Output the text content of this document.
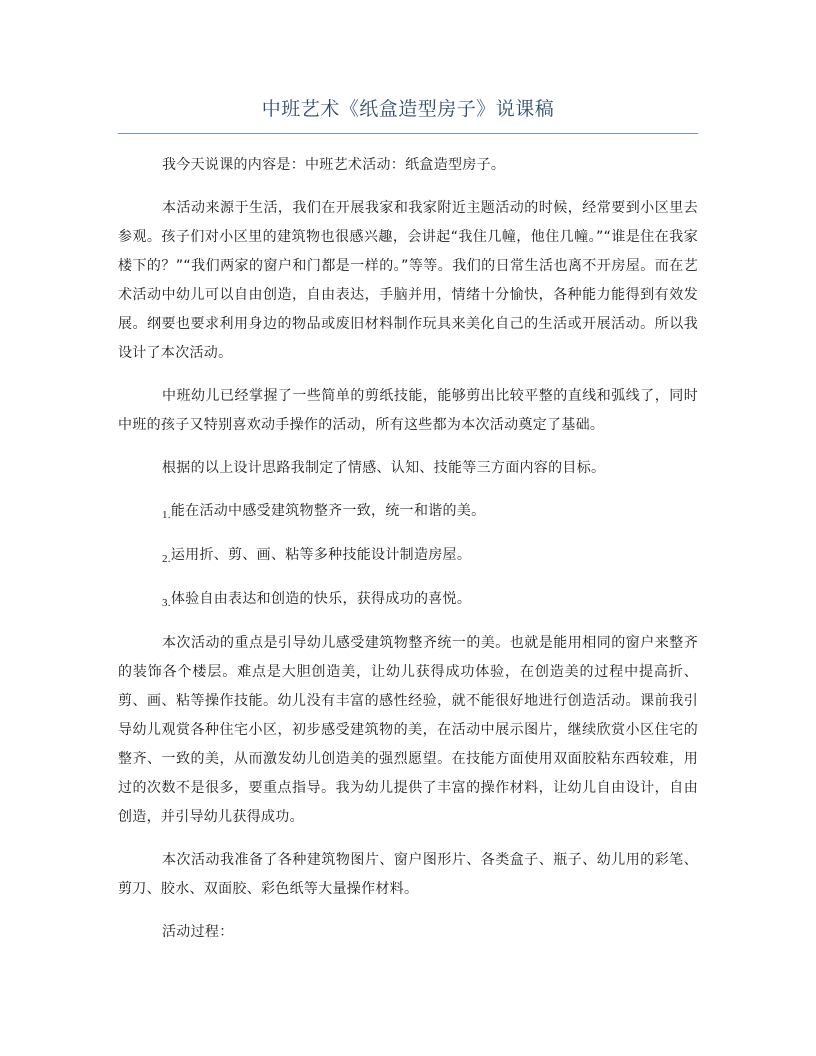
中班艺术《纸盒造型房子》说课稿

我今天说课的内容是：中班艺术活动：纸盒造型房子。

本活动来源于生活，我们在开展我家和我家附近主题活动的时候，经常要到小区里去参观。孩子们对小区里的建筑物也很感兴趣，会讲起“我住几幢，他住几幢。”“谁是住在我家楼下的？”“我们两家的窗户和门都是一样的。”等等。我们的日常生活也离不开房屋。而在艺术活动中幼儿可以自由创造，自由表达，手脑并用，情绪十分愉快，各种能力能得到有效发展。纲要也要求利用身边的物品或废旧材料制作玩具来美化自己的生活或开展活动。所以我设计了本次活动。

中班幼儿已经掌握了一些简单的剪纸技能，能够剪出比较平整的直线和弧线了，同时中班的孩子又特别喜欢动手操作的活动，所有这些都为本次活动奠定了基础。

根据的以上设计思路我制定了情感、认知、技能等三方面内容的目标。

$_{1.}$能在活动中感受建筑物整齐一致，统一和谐的美。
$_{2.}$运用折、剪、画、粘等多种技能设计制造房屋。
$_{3.}$体验自由表达和创造的快乐，获得成功的喜悦。

本次活动的重点是引导幼儿感受建筑物整齐统一的美。也就是能用相同的窗户来整齐的装饰各个楼层。难点是大胆创造美，让幼儿获得成功体验，在创造美的过程中提高折、剪、画、粘等操作技能。幼儿没有丰富的感性经验，就不能很好地进行创造活动。课前我引导幼儿观赏各种住宅小区，初步感受建筑物的美，在活动中展示图片，继续欣赏小区住宅的整齐、一致的美，从而激发幼儿创造美的强烈愿望。在技能方面使用双面胶粘东西较难，用过的次数不是很多，要重点指导。我为幼儿提供了丰富的操作材料，让幼儿自由设计，自由创造，并引导幼儿获得成功。

本次活动我准备了各种建筑物图片、窗户图形片、各类盒子、瓶子、幼儿用的彩笔、剪刀、胶水、双面胶、彩色纸等大量操作材料。

活动过程：
